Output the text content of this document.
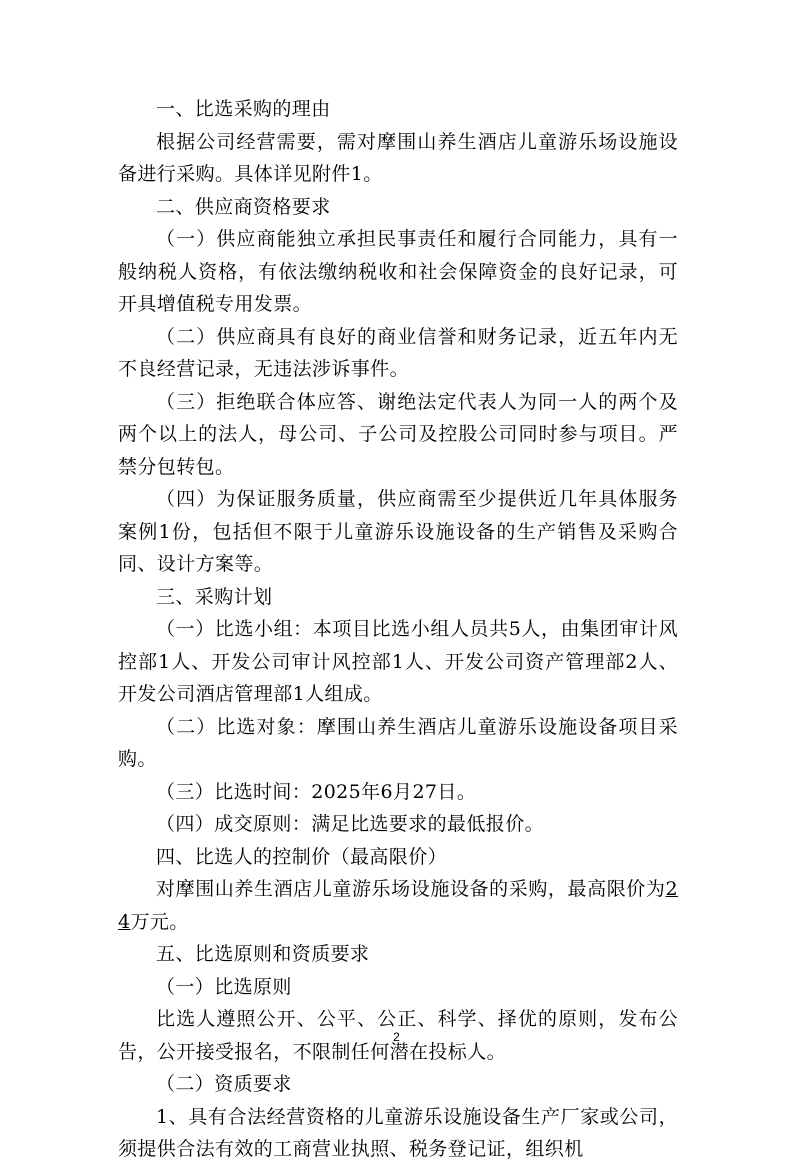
一、比选采购的理由

根据公司经营需要，需对摩围山养生酒店儿童游乐场设施设备进行采购。具体详见附件1。

二、供应商资格要求

（一）供应商能独立承担民事责任和履行合同能力，具有一般纳税人资格，有依法缴纳税收和社会保障资金的良好记录，可开具增值税专用发票。

（二）供应商具有良好的商业信誉和财务记录，近五年内无不良经营记录，无违法涉诉事件。

（三）拒绝联合体应答、谢绝法定代表人为同一人的两个及两个以上的法人，母公司、子公司及控股公司同时参与项目。严禁分包转包。

（四）为保证服务质量，供应商需至少提供近几年具体服务案例1份，包括但不限于儿童游乐设施设备的生产销售及采购合同、设计方案等。

三、采购计划

（一）比选小组：本项目比选小组人员共5人，由集团审计风控部1人、开发公司审计风控部1人、开发公司资产管理部2人、开发公司酒店管理部1人组成。

（二）比选对象：摩围山养生酒店儿童游乐设施设备项目采购。

（三）比选时间：2025年6月27日。

（四）成交原则：满足比选要求的最低报价。

四、比选人的控制价（最高限价）

对摩围山养生酒店儿童游乐场设施设备的采购，最高限价为24万元。

五、比选原则和资质要求

（一）比选原则

比选人遵照公开、公平、公正、科学、择优的原则，发布公告，公开接受报名，不限制任何潜在投标人。

（二）资质要求

1、具有合法经营资格的儿童游乐设施设备生产厂家或公司，须提供合法有效的工商营业执照、税务登记证，组织机

2
